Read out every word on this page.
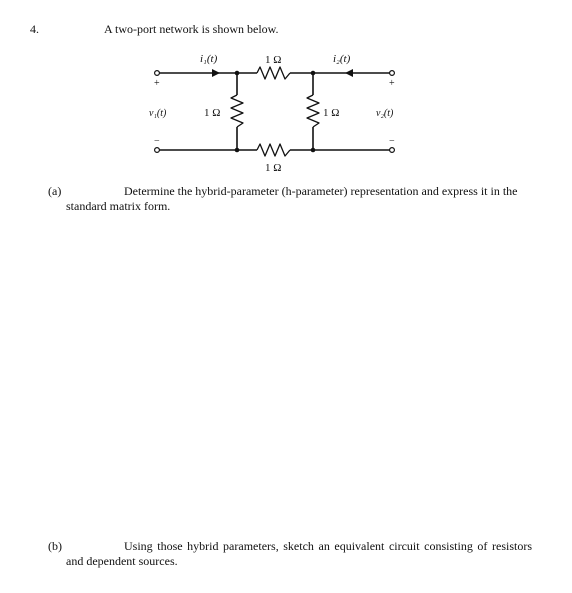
4.	A two-port network is shown below.
i₁(t)	i₂(t)
1 Ω
1 Ω
1 Ω	1 Ω
v₁(t)	v₂(t)
+
−
+
−
(a)	Determine the hybrid-parameter (h-parameter) representation and express it in the standard matrix form.
(b)	Using those hybrid parameters, sketch an equivalent circuit consisting of resistors and dependent sources.
